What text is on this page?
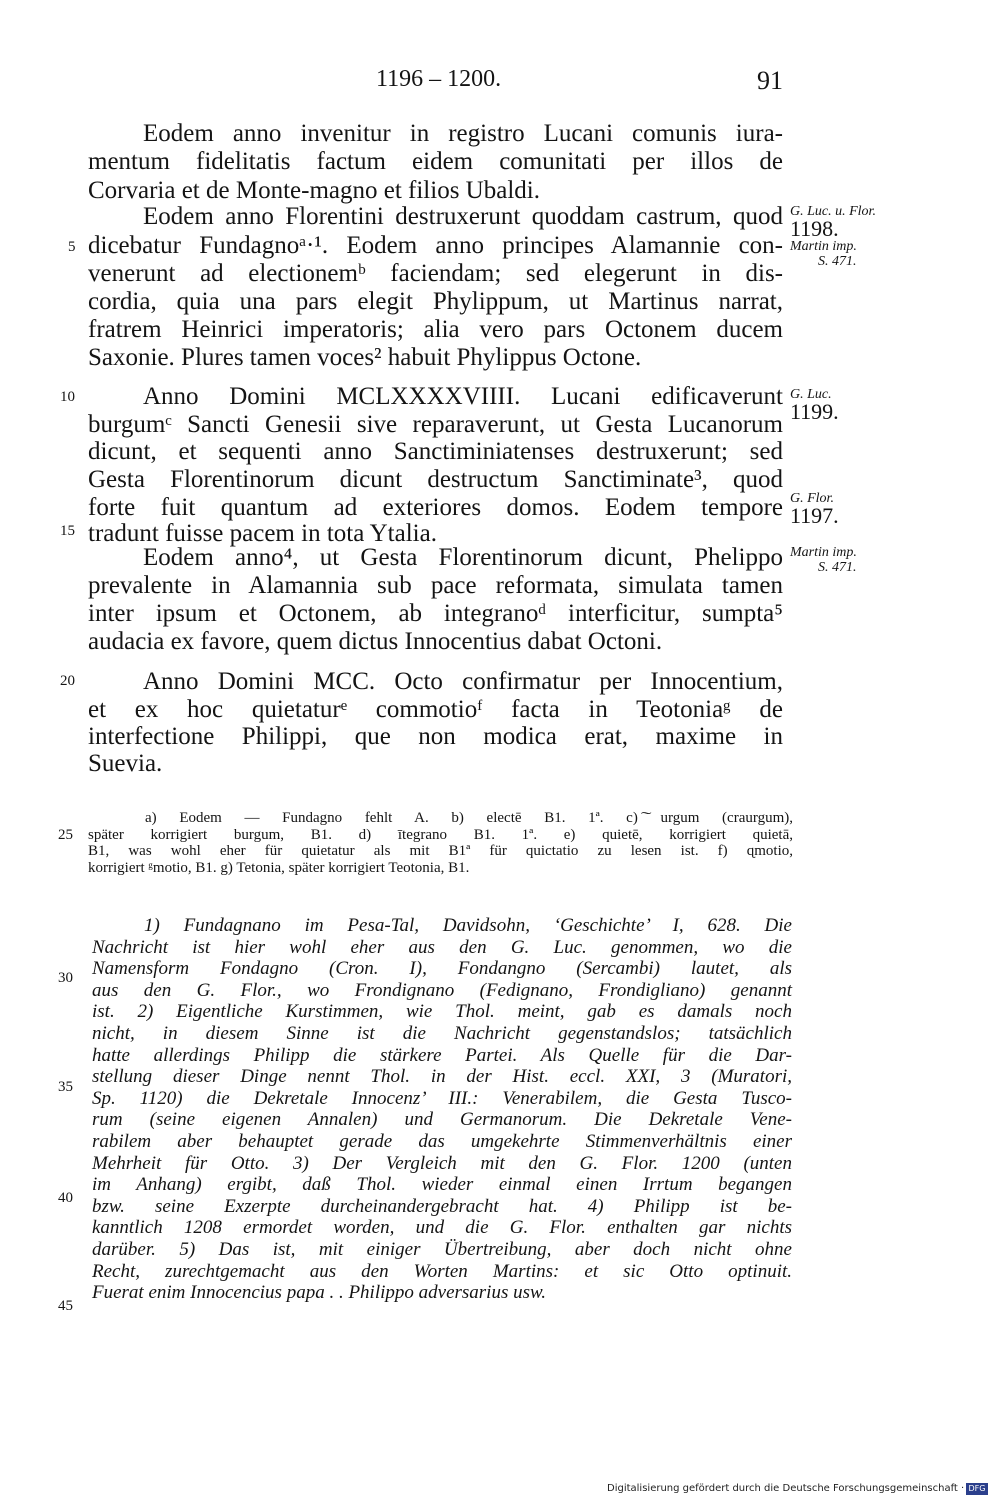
1196 – 1200.	91
Eodem anno invenitur in registro Lucani comunis iura-
mentum fidelitatis factum eidem comunitati per illos de
Corvaria et de Monte-magno et filios Ubaldi.
Eodem anno Florentini destruxerunt quoddam castrum, quod
dicebatur Fundagnoᵃ·¹. Eodem anno principes Alamannie con-
venerunt ad electionemᵇ faciendam; sed elegerunt in dis-
cordia, quia una pars elegit Phylippum, ut Martinus narrat,
fratrem Heinrici imperatoris; alia vero pars Octonem ducem
Saxonie. Plures tamen voces² habuit Phylippus Octone.
Anno Domini MCLXXXXVIIII. Lucani edificaverunt
burgumᶜ Sancti Genesii sive reparaverunt, ut Gesta Lucanorum
dicunt, et sequenti anno Sanctiminiatenses destruxerunt; sed
Gesta Florentinorum dicunt destructum Sanctiminate³, quod
forte fuit quantum ad exteriores domos. Eodem tempore
tradunt fuisse pacem in tota Ytalia.
Eodem anno⁴, ut Gesta Florentinorum dicunt, Phelippo
prevalente in Alamannia sub pace reformata, simulata tamen
inter ipsum et Octonem, ab integranoᵈ interficitur, sumpta⁵
audacia ex favore, quem dictus Innocentius dabat Octoni.
Anno Domini MCC. Octo confirmatur per Innocentium,
et ex hoc quietaturᵉ commotioᶠ facta in Teotoniaᵍ de
interfectione Philippi, que non modica erat, maxime in
Suevia.
5
10
15
20
25
30
35
40
45
G. Luc. u. Flor.
1198.
Martin imp.
S. 471.
G. Luc.
1199.
G. Flor.
1197.
Martin imp.
S. 471.
a) Eodem — Fundagno fehlt A. b) electē B1. 1ª. c) ͠urgum (craurgum),
später korrigiert burgum, B1. d) ītegrano B1. 1ª. e) quietē, korrigiert quietā,
B1, was wohl eher für quietatur als mit B1ª für quictatio zu lesen ist. f) ɋmotio,
korrigiert ᵍmotio, B1. g) Tetonia, später korrigiert Teotonia, B1.
1) Fundagnano im Pesa-Tal, Davidsohn, ‘Geschichte’ I, 628. Die
Nachricht ist hier wohl eher aus den G. Luc. genommen, wo die
Namensform Fondagno (Cron. I), Fondangno (Sercambi) lautet, als
aus den G. Flor., wo Frondignano (Fedignano, Frondigliano) genannt
ist. 2) Eigentliche Kurstimmen, wie Thol. meint, gab es damals noch
nicht, in diesem Sinne ist die Nachricht gegenstandslos; tatsächlich
hatte allerdings Philipp die stärkere Partei. Als Quelle für die Dar-
stellung dieser Dinge nennt Thol. in der Hist. eccl. XXI, 3 (Muratori,
Sp. 1120) die Dekretale Innocenz’ III.: Venerabilem, die Gesta Tusco-
rum (seine eigenen Annalen) und Germanorum. Die Dekretale Vene-
rabilem aber behauptet gerade das umgekehrte Stimmenverhältnis einer
Mehrheit für Otto. 3) Der Vergleich mit den G. Flor. 1200 (unten
im Anhang) ergibt, daß Thol. wieder einmal einen Irrtum begangen
bzw. seine Exzerpte durcheinandergebracht hat. 4) Philipp ist be-
kanntlich 1208 ermordet worden, und die G. Flor. enthalten gar nichts
darüber. 5) Das ist, mit einiger Übertreibung, aber doch nicht ohne
Recht, zurechtgemacht aus den Worten Martins: et sic Otto optinuit.
Fuerat enim Innocencius papa . . Philippo adversarius usw.
Digitalisierung gefördert durch die Deutsche Forschungsgemeinschaft · DFG
